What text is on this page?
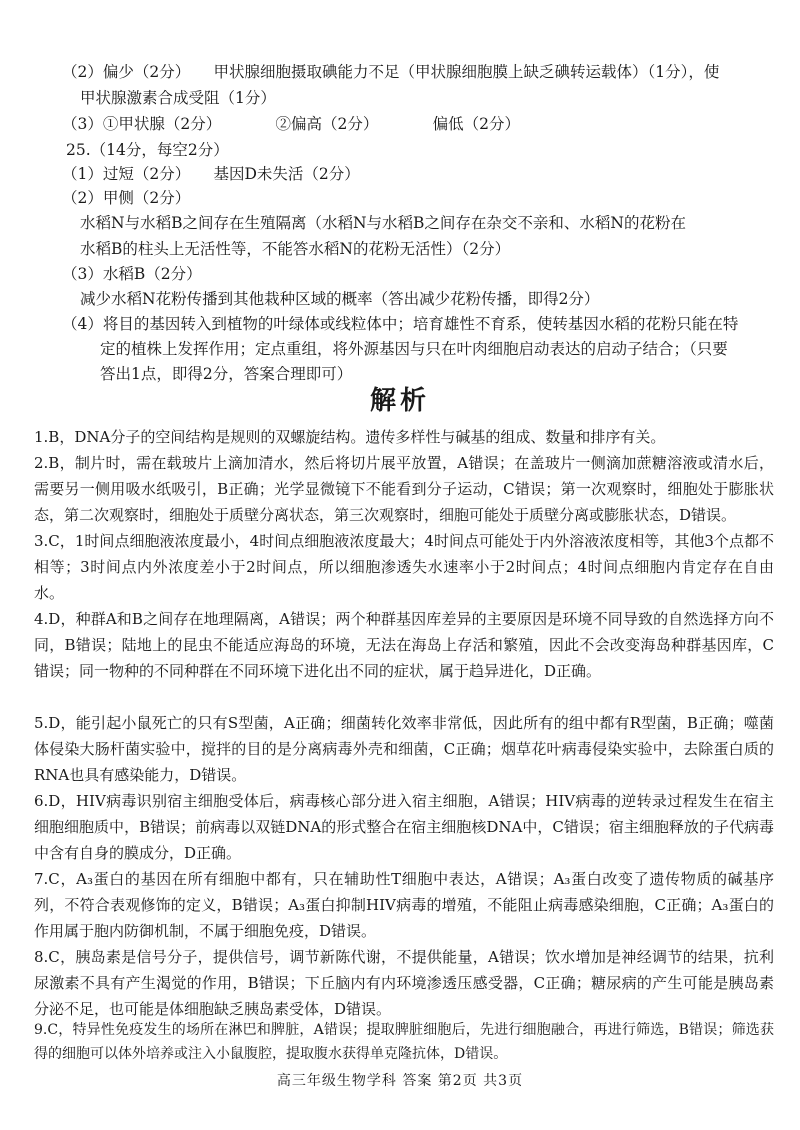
（2）偏少（2分）　　甲状腺细胞摄取碘能力不足（甲状腺细胞膜上缺乏碘转运载体）（1分），使
甲状腺激素合成受阻（1分）
（3）①甲状腺（2分）　　　　②偏高（2分）　　　　偏低（2分）
25.（14分，每空2分）
（1）过短（2分）　　基因D未失活（2分）
（2）甲侧（2分）
水稻N与水稻B之间存在生殖隔离（水稻N与水稻B之间存在杂交不亲和、水稻N的花粉在
水稻B的柱头上无活性等，不能答水稻N的花粉无活性）（2分）
（3）水稻B（2分）
减少水稻N花粉传播到其他栽种区域的概率（答出减少花粉传播，即得2分）
（4）将目的基因转入到植物的叶绿体或线粒体中；培育雄性不育系，使转基因水稻的花粉只能在特
定的植株上发挥作用；定点重组，将外源基因与只在叶肉细胞启动表达的启动子结合；（只要
答出1点，即得2分，答案合理即可）
解析
1.B，DNA分子的空间结构是规则的双螺旋结构。遗传多样性与碱基的组成、数量和排序有关。
2.B，制片时，需在载玻片上滴加清水，然后将切片展平放置，A错误；在盖玻片一侧滴加蔗糖溶液或清水后，需要另一侧用吸水纸吸引，B正确；光学显微镜下不能看到分子运动，C错误；第一次观察时，细胞处于膨胀状态，第二次观察时，细胞处于质壁分离状态，第三次观察时，细胞可能处于质壁分离或膨胀状态，D错误。
3.C，1时间点细胞液浓度最小，4时间点细胞液浓度最大；4时间点可能处于内外溶液浓度相等，其他3个点都不相等；3时间点内外浓度差小于2时间点，所以细胞渗透失水速率小于2时间点；4时间点细胞内肯定存在自由水。
4.D，种群A和B之间存在地理隔离，A错误；两个种群基因库差异的主要原因是环境不同导致的自然选择方向不同，B错误；陆地上的昆虫不能适应海岛的环境，无法在海岛上存活和繁殖，因此不会改变海岛种群基因库，C错误；同一物种的不同种群在不同环境下进化出不同的症状，属于趋异进化，D正确。
5.D，能引起小鼠死亡的只有S型菌，A正确；细菌转化效率非常低，因此所有的组中都有R型菌，B正确；噬菌体侵染大肠杆菌实验中，搅拌的目的是分离病毒外壳和细菌，C正确；烟草花叶病毒侵染实验中，去除蛋白质的RNA也具有感染能力，D错误。
6.D，HIV病毒识别宿主细胞受体后，病毒核心部分进入宿主细胞，A错误；HIV病毒的逆转录过程发生在宿主细胞细胞质中，B错误；前病毒以双链DNA的形式整合在宿主细胞核DNA中，C错误；宿主细胞释放的子代病毒中含有自身的膜成分，D正确。
7.C，A₃蛋白的基因在所有细胞中都有，只在辅助性T细胞中表达，A错误；A₃蛋白改变了遗传物质的碱基序列，不符合表观修饰的定义，B错误；A₃蛋白抑制HIV病毒的增殖，不能阻止病毒感染细胞，C正确；A₃蛋白的作用属于胞内防御机制，不属于细胞免疫，D错误。
8.C，胰岛素是信号分子，提供信号，调节新陈代谢，不提供能量，A错误；饮水增加是神经调节的结果，抗利尿激素不具有产生渴觉的作用，B错误；下丘脑内有内环境渗透压感受器，C正确；糖尿病的产生可能是胰岛素分泌不足，也可能是体细胞缺乏胰岛素受体，D错误。
高三年级生物学科 答案 第2页 共3页
9.C，特异性免疫发生的场所在淋巴和脾脏，A错误；提取脾脏细胞后，先进行细胞融合，再进行筛选，B错误；筛选获得的细胞可以体外培养或注入小鼠腹腔，提取腹水获得单克隆抗体，D错误。
